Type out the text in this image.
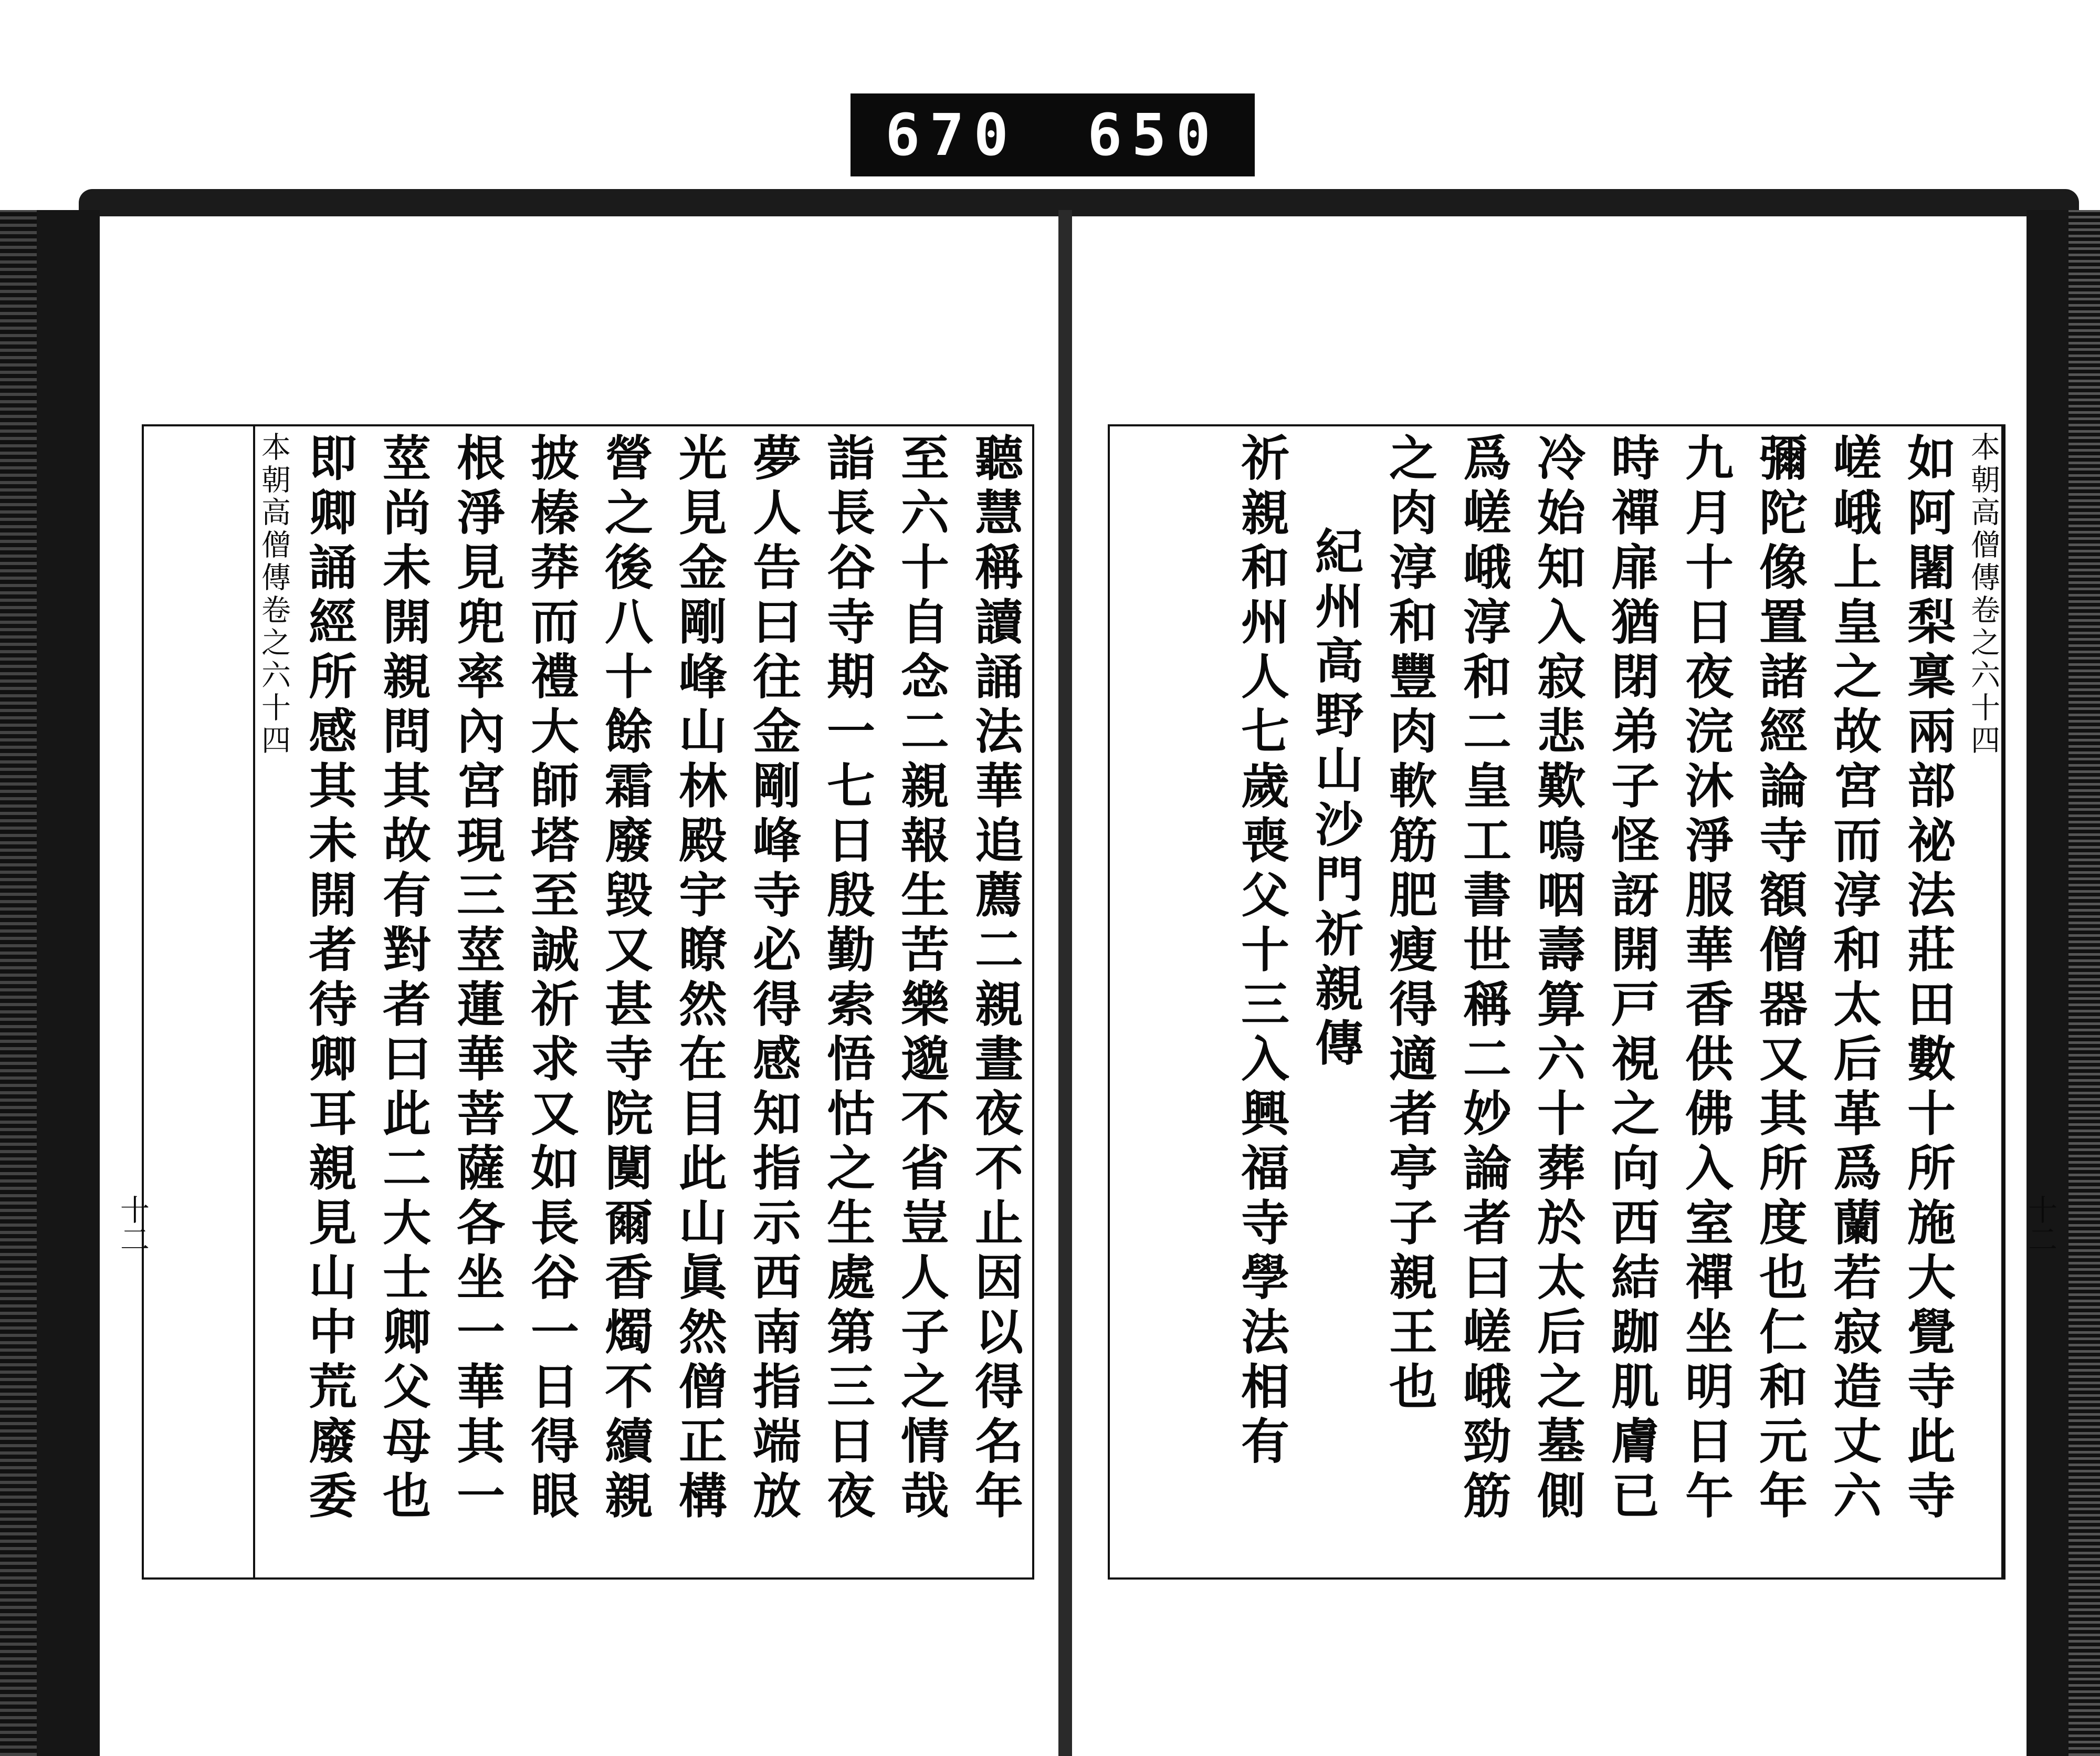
670 650
本朝高僧傳卷之六十四
如阿闍梨稟兩部祕法莊田數十所施大覺寺此寺
嵯峨上皇之故宮而淳和太后革爲蘭若寂造丈六
彌陀像置諸經論寺額僧器又其所度也仁和元年
九月十日夜浣沐淨服華香供佛入室禪坐明日午
時禪扉猶閉弟子怪訝開戸視之向西結跏肌膚已
冷始知入寂悲歎嗚咽壽算六十葬於太后之墓側
爲嵯峨淳和二皇工書世稱二妙論者曰嵯峨勁筋
之肉淳和豐肉軟筋肥瘦得適者亭子親王也
紀州高野山沙門祈親傳
祈親和州人七歲喪父十三入興福寺學法相有	十二
聽慧稱讀誦法華追薦二親晝夜不止因以得名年
至六十自念二親報生苦樂邈不省豈人子之情哉
詣長谷寺期一七日殷勤索悟怙之生處第三日夜
夢人告曰往金剛峰寺必得感知指示西南指端放
光見金剛峰山林殿宇瞭然在目此山眞然僧正構
營之後八十餘霜廢毀又甚寺院闃爾香燭不續親
披榛莽而禮大師塔至誠祈求又如長谷一日得眼
根淨見兜率內宮現三莖蓮華菩薩各坐一華其一
莖尚未開親問其故有對者曰此二大士卿父母也
即卿誦經所感其未開者待卿耳親見山中荒廢委
本朝高僧傳卷之六十四
十二
